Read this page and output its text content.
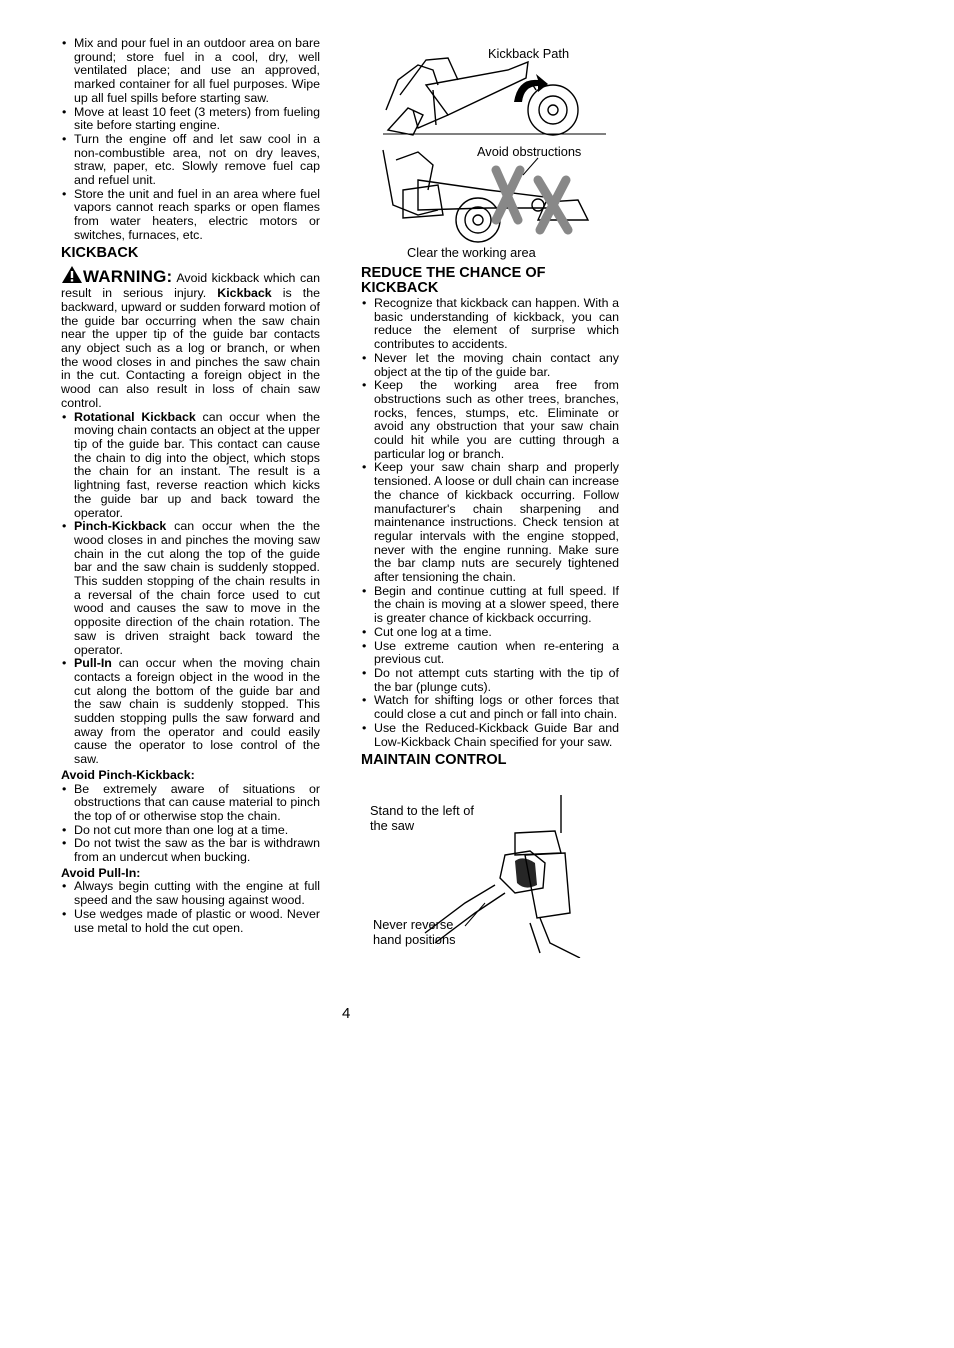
• Mix and pour fuel in an outdoor area on bare ground; store fuel in a cool, dry, well ventilated place; and use an approved, marked container for all fuel purposes. Wipe up all fuel spills before starting saw.
• Move at least 10 feet (3 meters) from fueling site before starting engine.
• Turn the engine off and let saw cool in a non-combustible area, not on dry leaves, straw, paper, etc. Slowly remove fuel cap and refuel unit.
• Store the unit and fuel in an area where fuel vapors cannot reach sparks or open flames from water heaters, electric motors or switches, furnaces, etc.
KICKBACK

WARNING: Avoid kickback which can result in serious injury. Kickback is the backward, upward or sudden forward motion of the guide bar occurring when the saw chain near the upper tip of the guide bar contacts any object such as a log or branch, or when the wood closes in and pinches the saw chain in the cut. Contacting a foreign object in the wood can also result in loss of chain saw control.

• Rotational Kickback can occur when the moving chain contacts an object at the upper tip of the guide bar. This contact can cause the chain to dig into the object, which stops the chain for an instant. The result is a lightning fast, reverse reaction which kicks the guide bar up and back toward the operator.
• Pinch-Kickback can occur when the the wood closes in and pinches the moving saw chain in the cut along the top of the guide bar and the saw chain is suddenly stopped. This sudden stopping of the chain results in a reversal of the chain force used to cut wood and causes the saw to move in the opposite direction of the chain rotation. The saw is driven straight back toward the operator.
• Pull-In can occur when the moving chain contacts a foreign object in the wood in the cut along the bottom of the guide bar and the saw chain is suddenly stopped. This sudden stopping pulls the saw forward and away from the operator and could easily cause the operator to lose control of the saw.
Avoid Pinch-Kickback:
• Be extremely aware of situations or obstructions that can cause material to pinch the top of or otherwise stop the chain.
• Do not cut more than one log at a time.
• Do not twist the saw as the bar is withdrawn from an undercut when bucking.
Avoid Pull-In:
• Always begin cutting with the engine at full speed and the saw housing against wood.
• Use wedges made of plastic or wood. Never use metal to hold the cut open.
Kickback Path
Avoid obstructions
Clear the working area
REDUCE THE CHANCE OF KICKBACK
• Recognize that kickback can happen. With a basic understanding of kickback, you can reduce the element of surprise which contributes to accidents.
• Never let the moving chain contact any object at the tip of the guide bar.
• Keep the working area free from obstructions such as other trees, branches, rocks, fences, stumps, etc. Eliminate or avoid any obstruction that your saw chain could hit while you are cutting through a particular log or branch.
• Keep your saw chain sharp and properly tensioned. A loose or dull chain can increase the chance of kickback occurring. Follow manufacturer's chain sharpening and maintenance instructions. Check tension at regular intervals with the engine stopped, never with the engine running. Make sure the bar clamp nuts are securely tightened after tensioning the chain.
• Begin and continue cutting at full speed. If the chain is moving at a slower speed, there is greater chance of kickback occurring.
• Cut one log at a time.
• Use extreme caution when re-entering a previous cut.
• Do not attempt cuts starting with the tip of the bar (plunge cuts).
• Watch for shifting logs or other forces that could close a cut and pinch or fall into chain.
• Use the Reduced-Kickback Guide Bar and Low-Kickback Chain specified for your saw.
MAINTAIN CONTROL
Stand to the left of the saw
Never reverse hand positions
4
